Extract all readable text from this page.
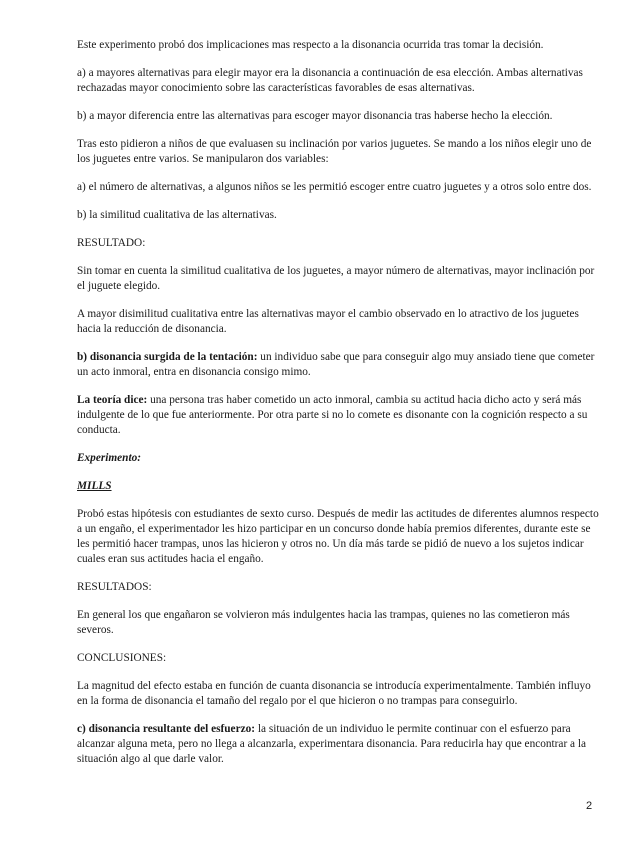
Este experimento probó dos implicaciones mas respecto a la disonancia ocurrida tras tomar la decisión.

a) a mayores alternativas para elegir mayor era la disonancia a continuación de esa elección. Ambas alternativas rechazadas mayor conocimiento sobre las características favorables de esas alternativas.

b) a mayor diferencia entre las alternativas para escoger mayor disonancia tras haberse hecho la elección.

Tras esto pidieron a niños de que evaluasen su inclinación por varios juguetes. Se mando a los niños elegir uno de los juguetes entre varios. Se manipularon dos variables:

a) el número de alternativas, a algunos niños se les permitió escoger entre cuatro juguetes y a otros solo entre dos.

b) la similitud cualitativa de las alternativas.

RESULTADO:

Sin tomar en cuenta la similitud cualitativa de los juguetes, a mayor número de alternativas, mayor inclinación por el juguete elegido.

A mayor disimilitud cualitativa entre las alternativas mayor el cambio observado en lo atractivo de los juguetes hacia la reducción de disonancia.

b) disonancia surgida de la tentación: un individuo sabe que para conseguir algo muy ansiado tiene que cometer un acto inmoral, entra en disonancia consigo mimo.

La teoría dice: una persona tras haber cometido un acto inmoral, cambia su actitud hacia dicho acto y será más indulgente de lo que fue anteriormente. Por otra parte si no lo comete es disonante con la cognición respecto a su conducta.

Experimento:

MILLS

Probó estas hipótesis con estudiantes de sexto curso. Después de medir las actitudes de diferentes alumnos respecto a un engaño, el experimentador les hizo participar en un concurso donde había premios diferentes, durante este se les permitió hacer trampas, unos las hicieron y otros no. Un día más tarde se pidió de nuevo a los sujetos indicar cuales eran sus actitudes hacia el engaño.

RESULTADOS:

En general los que engañaron se volvieron más indulgentes hacia las trampas, quienes no las cometieron más severos.

CONCLUSIONES:

La magnitud del efecto estaba en función de cuanta disonancia se introducía experimentalmente. También influyo en la forma de disonancia el tamaño del regalo por el que hicieron o no trampas para conseguirlo.

c) disonancia resultante del esfuerzo: la situación de un individuo le permite continuar con el esfuerzo para alcanzar alguna meta, pero no llega a alcanzarla, experimentara disonancia. Para reducirla hay que encontrar a la situación algo al que darle valor.

2
